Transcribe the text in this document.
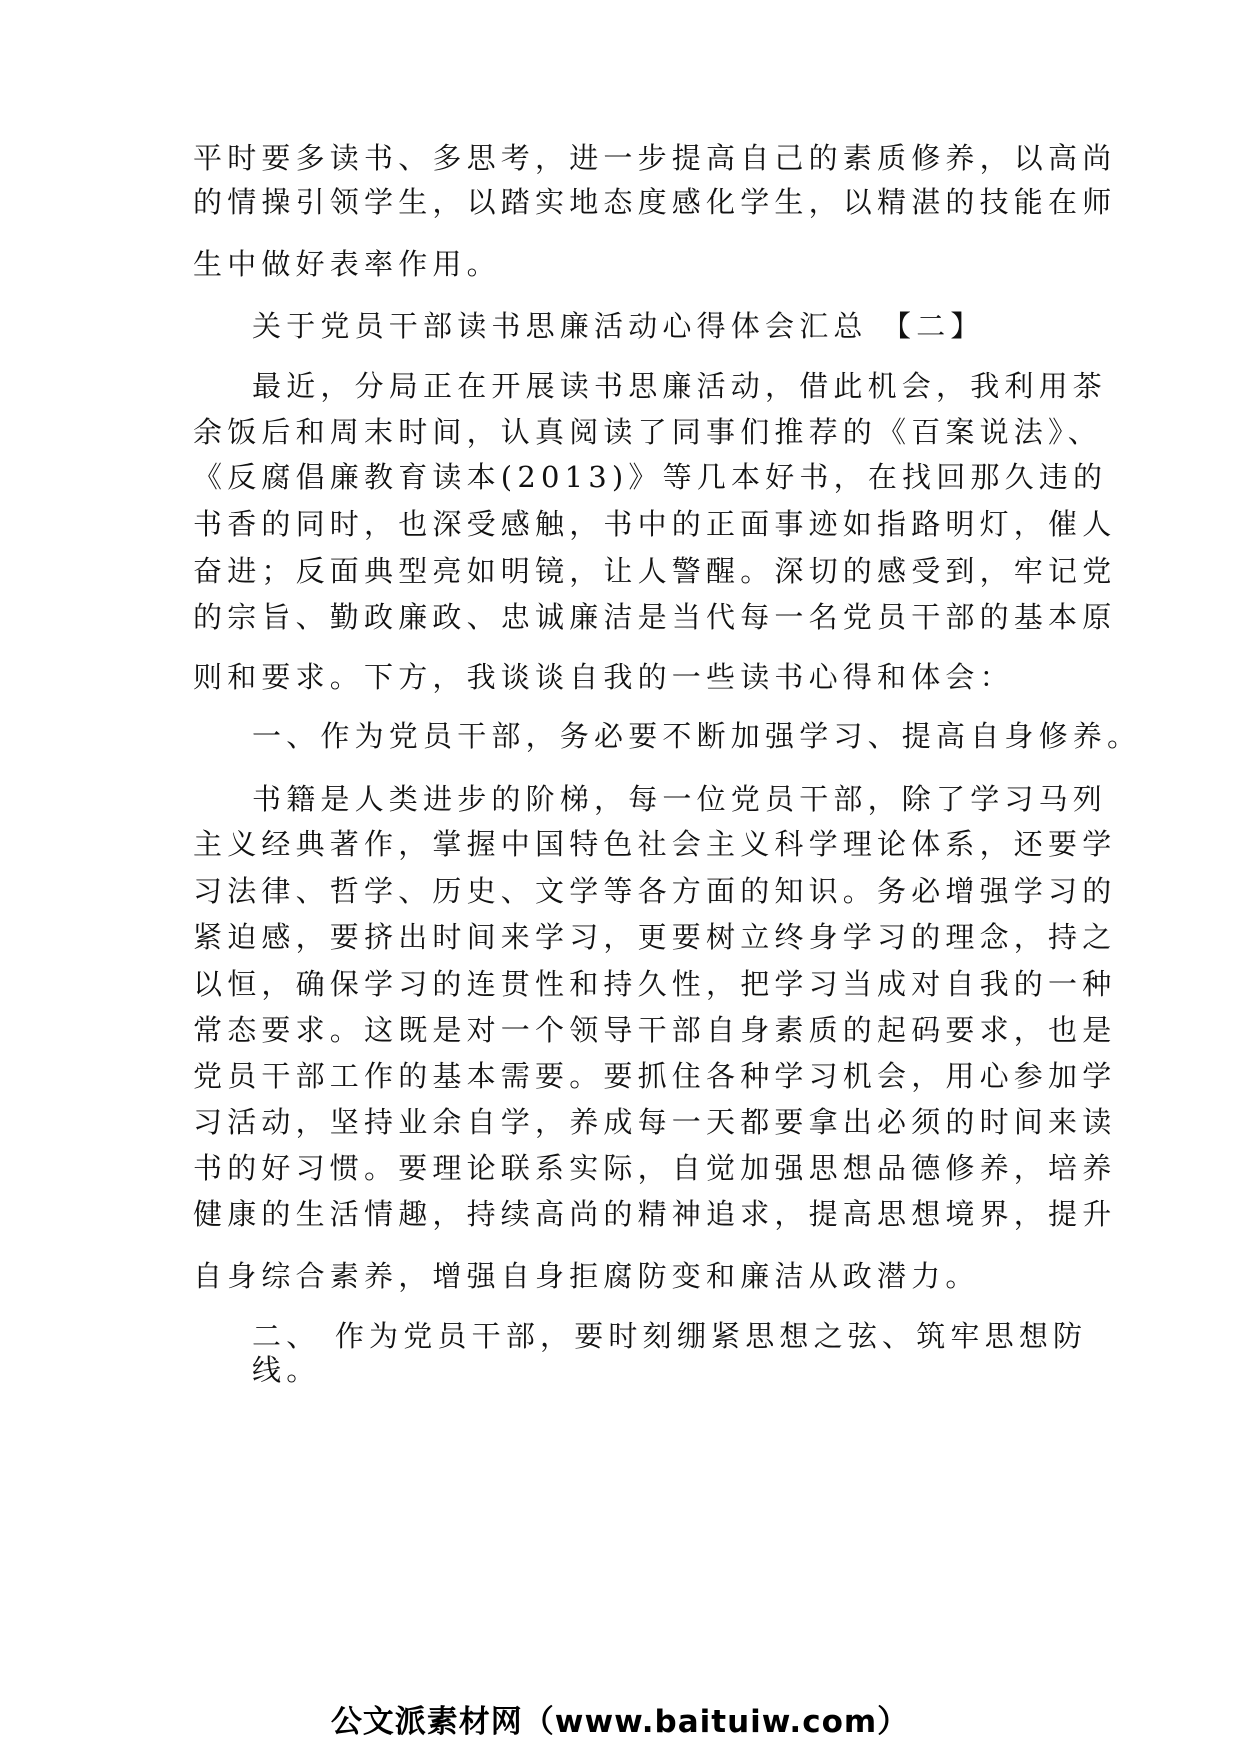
平时要多读书、多思考，进一步提高自己的素质修养，以高尚
的情操引领学生，以踏实地态度感化学生，以精湛的技能在师
生中做好表率作用。
关于党员干部读书思廉活动心得体会汇总 【二】
最近，分局正在开展读书思廉活动，借此机会，我利用茶
余饭后和周末时间，认真阅读了同事们推荐的《百案说法》、
《反腐倡廉教育读本(2013)》等几本好书，在找回那久违的
书香的同时，也深受感触，书中的正面事迹如指路明灯，催人
奋进；反面典型亮如明镜，让人警醒。深切的感受到，牢记党
的宗旨、勤政廉政、忠诚廉洁是当代每一名党员干部的基本原
则和要求。下方，我谈谈自我的一些读书心得和体会：
一、作为党员干部，务必要不断加强学习、提高自身修养。
书籍是人类进步的阶梯，每一位党员干部，除了学习马列
主义经典著作，掌握中国特色社会主义科学理论体系，还要学
习法律、哲学、历史、文学等各方面的知识。务必增强学习的
紧迫感，要挤出时间来学习，更要树立终身学习的理念，持之
以恒，确保学习的连贯性和持久性，把学习当成对自我的一种
常态要求。这既是对一个领导干部自身素质的起码要求，也是
党员干部工作的基本需要。要抓住各种学习机会，用心参加学
习活动，坚持业余自学，养成每一天都要拿出必须的时间来读
书的好习惯。要理论联系实际，自觉加强思想品德修养，培养
健康的生活情趣，持续高尚的精神追求，提高思想境界，提升
自身综合素养，增强自身拒腐防变和廉洁从政潜力。
二、 作为党员干部，要时刻绷紧思想之弦、筑牢思想防
线。
公文派素材网（www.baituiw.com）
